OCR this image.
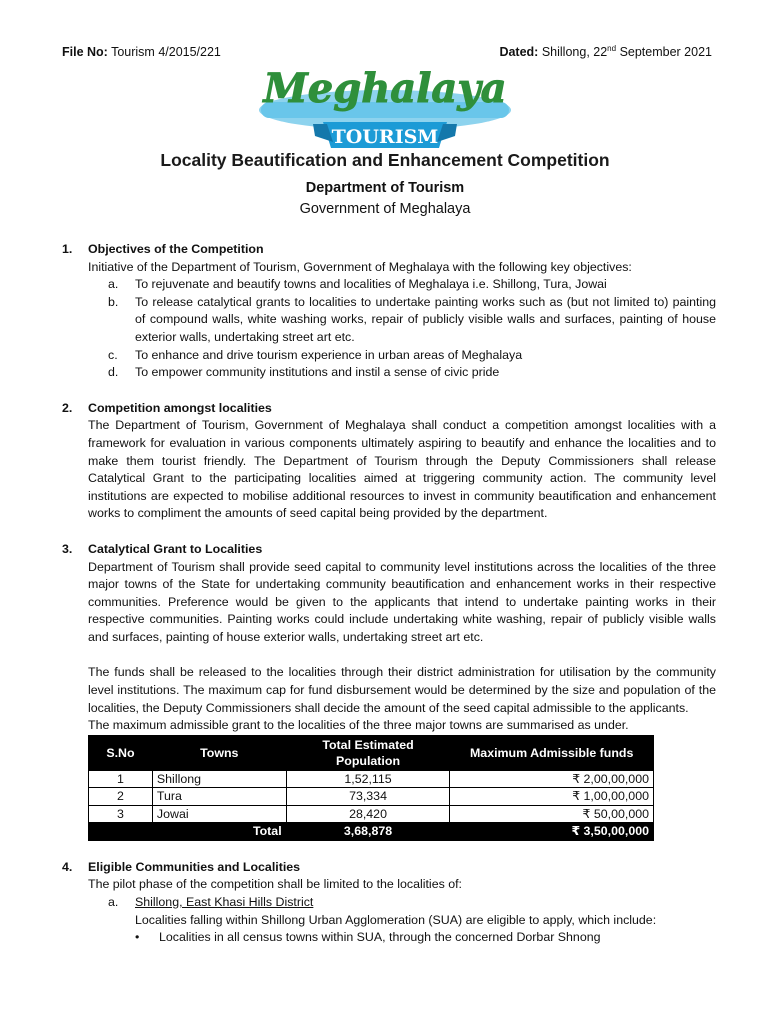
File No: Tourism 4/2015/221	Dated: Shillong, 22nd September 2021
Meghalaya
TOURISM
Locality Beautification and Enhancement Competition
Department of Tourism
Government of Meghalaya
1. Objectives of the Competition

Initiative of the Department of Tourism, Government of Meghalaya with the following key objectives:

a. To rejuvenate and beautify towns and localities of Meghalaya i.e. Shillong, Tura, Jowai
b. To release catalytical grants to localities to undertake painting works such as (but not limited to) painting of compound walls, white washing works, repair of publicly visible walls and surfaces, painting of house exterior walls, undertaking street art etc.
c. To enhance and drive tourism experience in urban areas of Meghalaya
d. To empower community institutions and instil a sense of civic pride
2. Competition amongst localities

The Department of Tourism, Government of Meghalaya shall conduct a competition amongst localities with a framework for evaluation in various components ultimately aspiring to beautify and enhance the localities and to make them tourist friendly. The Department of Tourism through the Deputy Commissioners shall release Catalytical Grant to the participating localities aimed at triggering community action. The community level institutions are expected to mobilise additional resources to invest in community beautification and enhancement works to compliment the amounts of seed capital being provided by the department.

3. Catalytical Grant to Localities

Department of Tourism shall provide seed capital to community level institutions across the localities of the three major towns of the State for undertaking community beautification and enhancement works in their respective communities. Preference would be given to the applicants that intend to undertake painting works in their respective communities. Painting works could include undertaking white washing, repair of publicly visible walls and surfaces, painting of house exterior walls, undertaking street art etc.

The funds shall be released to the localities through their district administration for utilisation by the community level institutions. The maximum cap for fund disbursement would be determined by the size and population of the localities, the Deputy Commissioners shall decide the amount of the seed capital admissible to the applicants.

The maximum admissible grant to the localities of the three major towns are summarised as under.

S.No	Towns	Total Estimated Population	Maximum Admissible funds
1	Shillong	1,52,115	₹ 2,00,00,000
2	Tura	73,334	₹ 1,00,00,000
3	Jowai	28,420	₹ 50,00,000
Total		3,68,878	₹ 3,50,00,000
4. Eligible Communities and Localities

The pilot phase of the competition shall be limited to the localities of:

a. Shillong, East Khasi Hills District
Localities falling within Shillong Urban Agglomeration (SUA) are eligible to apply, which include:
• Localities in all census towns within SUA, through the concerned Dorbar Shnong
